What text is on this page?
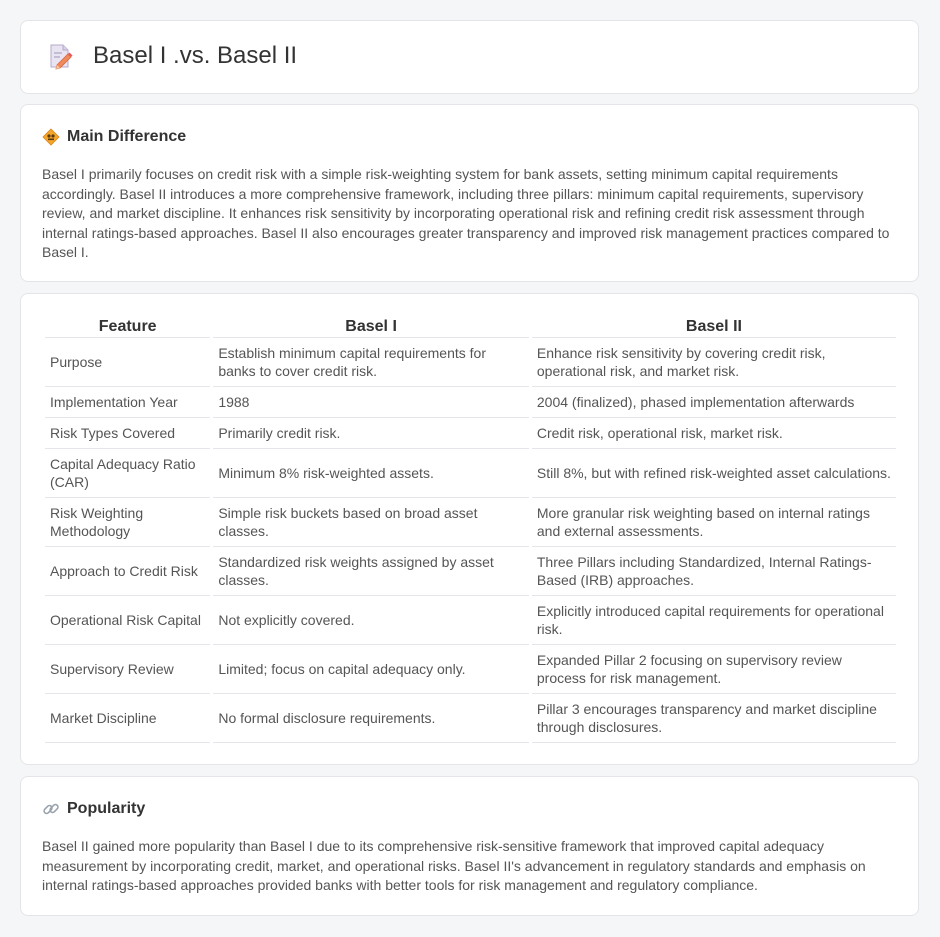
Basel I .vs. Basel II
Main Difference

Basel I primarily focuses on credit risk with a simple risk-weighting system for bank assets, setting minimum capital requirements accordingly. Basel II introduces a more comprehensive framework, including three pillars: minimum capital requirements, supervisory review, and market discipline. It enhances risk sensitivity by incorporating operational risk and refining credit risk assessment through internal ratings-based approaches. Basel II also encourages greater transparency and improved risk management practices compared to Basel I.

Feature	Basel I	Basel II
Purpose	Establish minimum capital requirements for banks to cover credit risk.	Enhance risk sensitivity by covering credit risk, operational risk, and market risk.
Implementation Year	1988	2004 (finalized), phased implementation afterwards
Risk Types Covered	Primarily credit risk.	Credit risk, operational risk, market risk.
Capital Adequacy Ratio (CAR)	Minimum 8% risk-weighted assets.	Still 8%, but with refined risk-weighted asset calculations.
Risk Weighting Methodology	Simple risk buckets based on broad asset classes.	More granular risk weighting based on internal ratings and external assessments.
Approach to Credit Risk	Standardized risk weights assigned by asset classes.	Three Pillars including Standardized, Internal Ratings-Based (IRB) approaches.
Operational Risk Capital	Not explicitly covered.	Explicitly introduced capital requirements for operational risk.
Supervisory Review	Limited; focus on capital adequacy only.	Expanded Pillar 2 focusing on supervisory review process for risk management.
Market Discipline	No formal disclosure requirements.	Pillar 3 encourages transparency and market discipline through disclosures.
Popularity

Basel II gained more popularity than Basel I due to its comprehensive risk-sensitive framework that improved capital adequacy measurement by incorporating credit, market, and operational risks. Basel II's advancement in regulatory standards and emphasis on internal ratings-based approaches provided banks with better tools for risk management and regulatory compliance.
